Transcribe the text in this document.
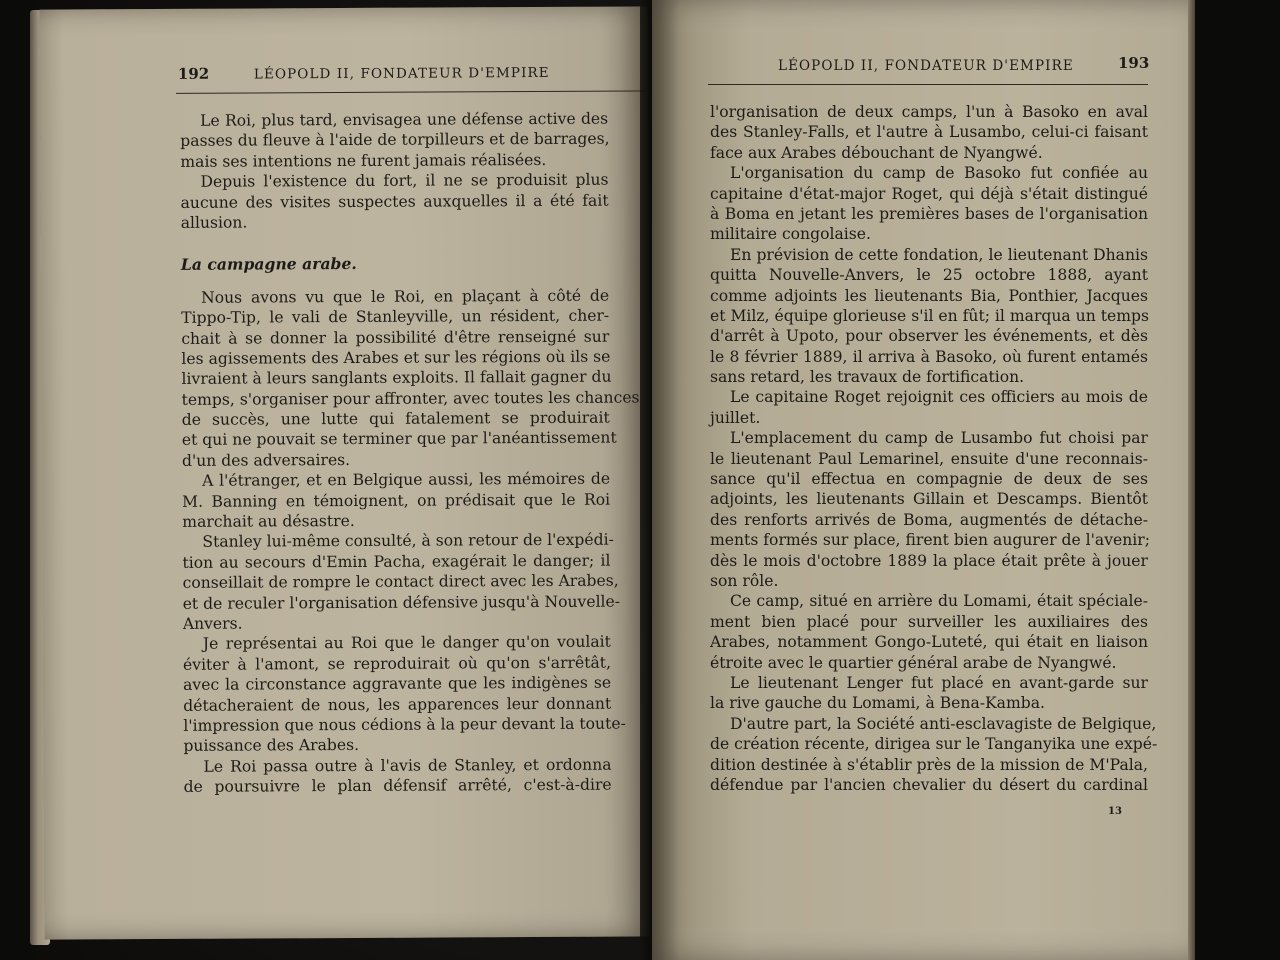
192	LÉOPOLD II, FONDATEUR D'EMPIRE
Le Roi, plus tard, envisagea une défense active des
passes du fleuve à l'aide de torpilleurs et de barrages,
mais ses intentions ne furent jamais réalisées.
Depuis l'existence du fort, il ne se produisit plus
aucune des visites suspectes auxquelles il a été fait
allusion.
La campagne arabe.
Nous avons vu que le Roi, en plaçant à côté de
Tippo-Tip, le vali de Stanleyville, un résident, cher-
chait à se donner la possibilité d'être renseigné sur
les agissements des Arabes et sur les régions où ils se
livraient à leurs sanglants exploits. Il fallait gagner du
temps, s'organiser pour affronter, avec toutes les chances
de succès, une lutte qui fatalement se produirait
et qui ne pouvait se terminer que par l'anéantissement
d'un des adversaires.
A l'étranger, et en Belgique aussi, les mémoires de
M. Banning en témoignent, on prédisait que le Roi
marchait au désastre.
Stanley lui-même consulté, à son retour de l'expédi-
tion au secours d'Emin Pacha, exagérait le danger; il
conseillait de rompre le contact direct avec les Arabes,
et de reculer l'organisation défensive jusqu'à Nouvelle-
Anvers.
Je représentai au Roi que le danger qu'on voulait
éviter à l'amont, se reproduirait où qu'on s'arrêtât,
avec la circonstance aggravante que les indigènes se
détacheraient de nous, les apparences leur donnant
l'impression que nous cédions à la peur devant la toute-
puissance des Arabes.
Le Roi passa outre à l'avis de Stanley, et ordonna
de poursuivre le plan défensif arrêté, c'est-à-dire
LÉOPOLD II, FONDATEUR D'EMPIRE	193
l'organisation de deux camps, l'un à Basoko en aval
des Stanley-Falls, et l'autre à Lusambo, celui-ci faisant
face aux Arabes débouchant de Nyangwé.
L'organisation du camp de Basoko fut confiée au
capitaine d'état-major Roget, qui déjà s'était distingué
à Boma en jetant les premières bases de l'organisation
militaire congolaise.
En prévision de cette fondation, le lieutenant Dhanis
quitta Nouvelle-Anvers, le 25 octobre 1888, ayant
comme adjoints les lieutenants Bia, Ponthier, Jacques
et Milz, équipe glorieuse s'il en fût; il marqua un temps
d'arrêt à Upoto, pour observer les événements, et dès
le 8 février 1889, il arriva à Basoko, où furent entamés
sans retard, les travaux de fortification.
Le capitaine Roget rejoignit ces officiers au mois de
juillet.
L'emplacement du camp de Lusambo fut choisi par
le lieutenant Paul Lemarinel, ensuite d'une reconnais-
sance qu'il effectua en compagnie de deux de ses
adjoints, les lieutenants Gillain et Descamps. Bientôt
des renforts arrivés de Boma, augmentés de détache-
ments formés sur place, firent bien augurer de l'avenir;
dès le mois d'octobre 1889 la place était prête à jouer
son rôle.
Ce camp, situé en arrière du Lomami, était spéciale-
ment bien placé pour surveiller les auxiliaires des
Arabes, notamment Gongo-Luteté, qui était en liaison
étroite avec le quartier général arabe de Nyangwé.
Le lieutenant Lenger fut placé en avant-garde sur
la rive gauche du Lomami, à Bena-Kamba.
D'autre part, la Société anti-esclavagiste de Belgique,
de création récente, dirigea sur le Tanganyika une expé-
dition destinée à s'établir près de la mission de M'Pala,
défendue par l'ancien chevalier du désert du cardinal
13
